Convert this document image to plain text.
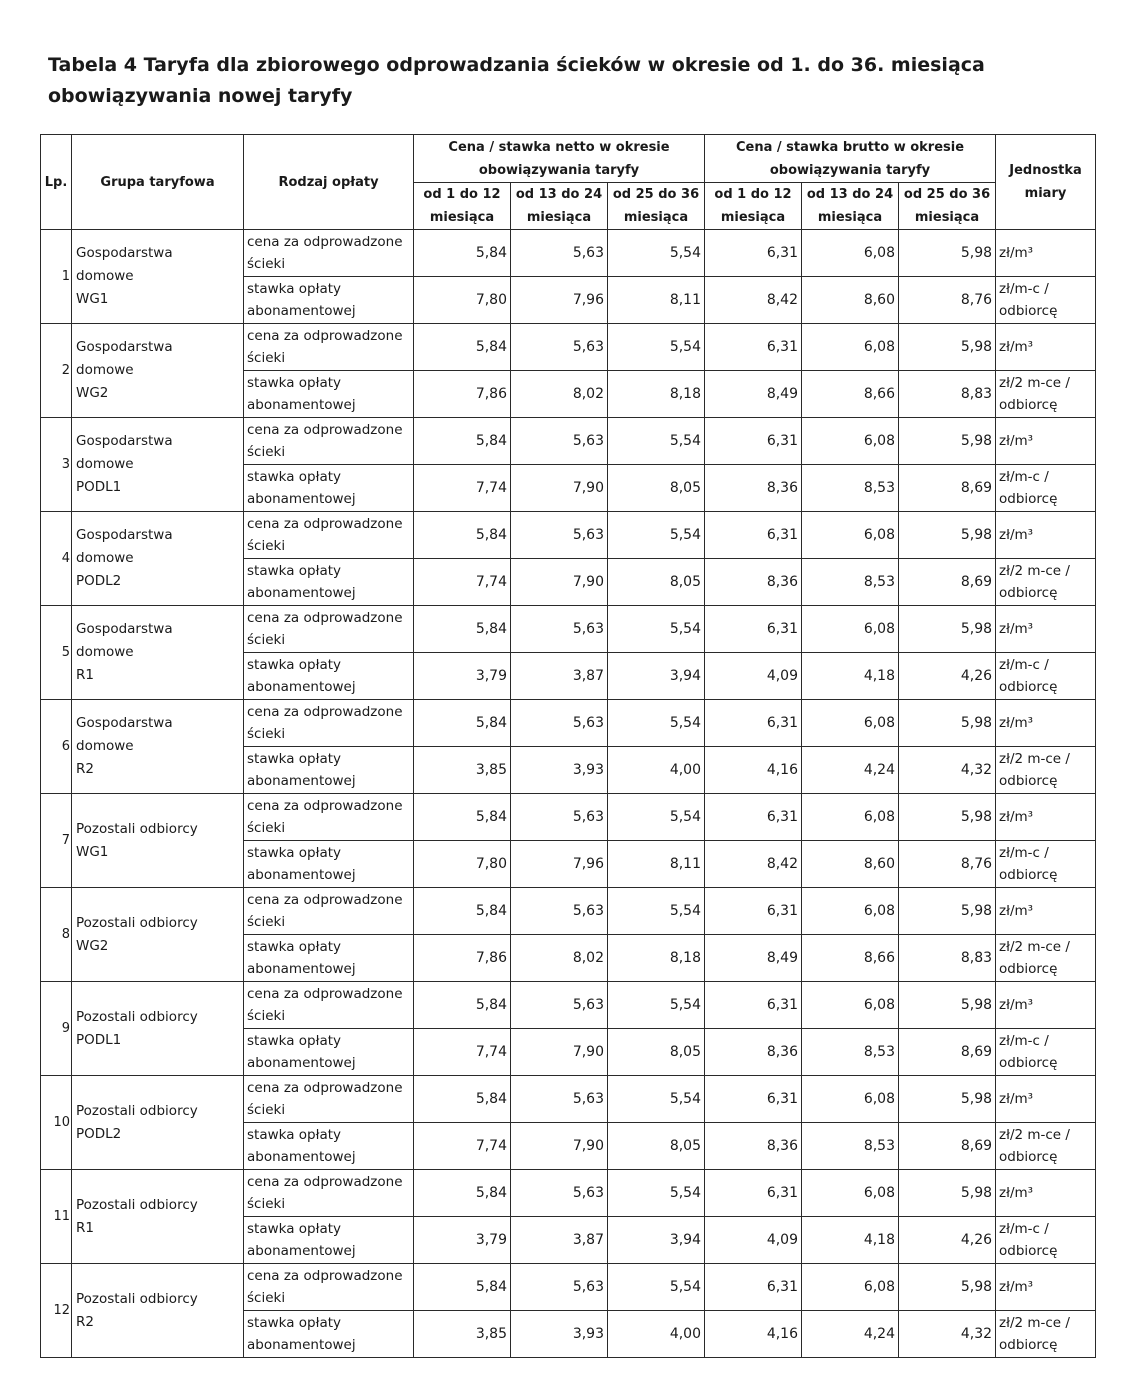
Tabela 4 Taryfa dla zbiorowego odprowadzania ścieków w okresie od 1. do 36. miesiąca
obowiązywania nowej taryfy
Lp.	Grupa taryfowa	Rodzaj opłaty	Cena / stawka netto w okresie obowiązywania taryfy			Cena / stawka brutto w okresie obowiązywania taryfy			Jednostka miary
			od 1 do 12 miesiąca	od 13 do 24 miesiąca	od 25 do 36 miesiąca	od 1 do 12 miesiąca	od 13 do 24 miesiąca	od 25 do 36 miesiąca	
1	Gospodarstwa
domowe
WG1	cena za odprowadzone
ścieki	5,84	5,63	5,54	6,31	6,08	5,98	zł/m³

		stawka opłaty
abonamentowej	7,80	7,96	8,11	8,42	8,60	8,76	zł/m-c /
odbiorcę

2	Gospodarstwa
domowe
WG2	cena za odprowadzone
ścieki	5,84	5,63	5,54	6,31	6,08	5,98	zł/m³

		stawka opłaty
abonamentowej	7,86	8,02	8,18	8,49	8,66	8,83	zł/2 m-ce /
odbiorcę

3	Gospodarstwa
domowe
PODL1	cena za odprowadzone
ścieki	5,84	5,63	5,54	6,31	6,08	5,98	zł/m³

		stawka opłaty
abonamentowej	7,74	7,90	8,05	8,36	8,53	8,69	zł/m-c /
odbiorcę

4	Gospodarstwa
domowe
PODL2	cena za odprowadzone
ścieki	5,84	5,63	5,54	6,31	6,08	5,98	zł/m³

		stawka opłaty
abonamentowej	7,74	7,90	8,05	8,36	8,53	8,69	zł/2 m-ce /
odbiorcę

5	Gospodarstwa
domowe
R1	cena za odprowadzone
ścieki	5,84	5,63	5,54	6,31	6,08	5,98	zł/m³

		stawka opłaty
abonamentowej	3,79	3,87	3,94	4,09	4,18	4,26	zł/m-c /
odbiorcę

6	Gospodarstwa
domowe
R2	cena za odprowadzone
ścieki	5,84	5,63	5,54	6,31	6,08	5,98	zł/m³

		stawka opłaty
abonamentowej	3,85	3,93	4,00	4,16	4,24	4,32	zł/2 m-ce /
odbiorcę

7	Pozostali odbiorcy
WG1	cena za odprowadzone
ścieki	5,84	5,63	5,54	6,31	6,08	5,98	zł/m³

		stawka opłaty
abonamentowej	7,80	7,96	8,11	8,42	8,60	8,76	zł/m-c /
odbiorcę

8	Pozostali odbiorcy
WG2	cena za odprowadzone
ścieki	5,84	5,63	5,54	6,31	6,08	5,98	zł/m³

		stawka opłaty
abonamentowej	7,86	8,02	8,18	8,49	8,66	8,83	zł/2 m-ce /
odbiorcę

9	Pozostali odbiorcy
PODL1	cena za odprowadzone
ścieki	5,84	5,63	5,54	6,31	6,08	5,98	zł/m³

		stawka opłaty
abonamentowej	7,74	7,90	8,05	8,36	8,53	8,69	zł/m-c /
odbiorcę

10	Pozostali odbiorcy
PODL2	cena za odprowadzone
ścieki	5,84	5,63	5,54	6,31	6,08	5,98	zł/m³

		stawka opłaty
abonamentowej	7,74	7,90	8,05	8,36	8,53	8,69	zł/2 m-ce /
odbiorcę

11	Pozostali odbiorcy
R1	cena za odprowadzone
ścieki	5,84	5,63	5,54	6,31	6,08	5,98	zł/m³

		stawka opłaty
abonamentowej	3,79	3,87	3,94	4,09	4,18	4,26	zł/m-c /
odbiorcę

12	Pozostali odbiorcy
R2	cena za odprowadzone
ścieki	5,84	5,63	5,54	6,31	6,08	5,98	zł/m³

		stawka opłaty
abonamentowej	3,85	3,93	4,00	4,16	4,24	4,32	zł/2 m-ce /
odbiorcę
